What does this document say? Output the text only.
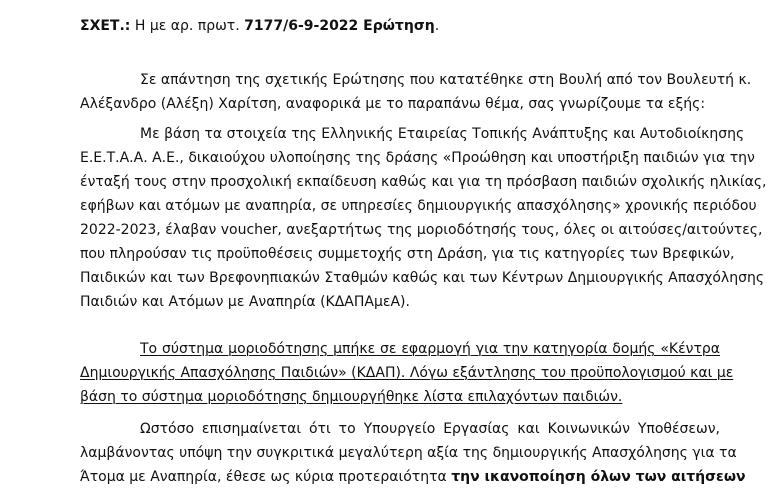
ΣΧΕΤ.: Η με αρ. πρωτ. 7177/6-9-2022 Ερώτηση.
Σε απάντηση της σχετικής Ερώτησης που κατατέθηκε στη Βουλή από τον Βουλευτή κ.
Αλέξανδρο (Αλέξη) Χαρίτση, αναφορικά με το παραπάνω θέμα, σας γνωρίζουμε τα εξής:
Με βάση τα στοιχεία της Ελληνικής Εταιρείας Τοπικής Ανάπτυξης και Αυτοδιοίκησης
Ε.Ε.Τ.Α.Α. Α.Ε., δικαιούχου υλοποίησης της δράσης «Προώθηση και υποστήριξη παιδιών για την
ένταξή τους στην προσχολική εκπαίδευση καθώς και για τη πρόσβαση παιδιών σχολικής ηλικίας,
εφήβων και ατόμων με αναπηρία, σε υπηρεσίες δημιουργικής απασχόλησης» χρονικής περιόδου
2022-2023, έλαβαν voucher, ανεξαρτήτως της μοριοδότησής τους, όλες οι αιτούσες/αιτούντες,
που πληρούσαν τις προϋποθέσεις συμμετοχής στη Δράση, για τις κατηγορίες των Βρεφικών,
Παιδικών και των Βρεφονηπιακών Σταθμών καθώς και των Κέντρων Δημιουργικής Απασχόλησης
Παιδιών και Ατόμων με Αναπηρία (ΚΔΑΠΑμεΑ).
Το σύστημα μοριοδότησης μπήκε σε εφαρμογή για την κατηγορία δομής «Κέντρα
Δημιουργικής Απασχόλησης Παιδιών» (ΚΔΑΠ). Λόγω εξάντλησης του προϋπολογισμού και με
βάση το σύστημα μοριοδότησης δημιουργήθηκε λίστα επιλαχόντων παιδιών.
Ωστόσο επισημαίνεται ότι το Υπουργείο Εργασίας και Κοινωνικών Υποθέσεων,
λαμβάνοντας υπόψη την συγκριτικά μεγαλύτερη αξία της δημιουργικής Απασχόλησης για τα
Άτομα με Αναπηρία, έθεσε ως κύρια προτεραιότητα την ικανοποίηση όλων των αιτήσεων
